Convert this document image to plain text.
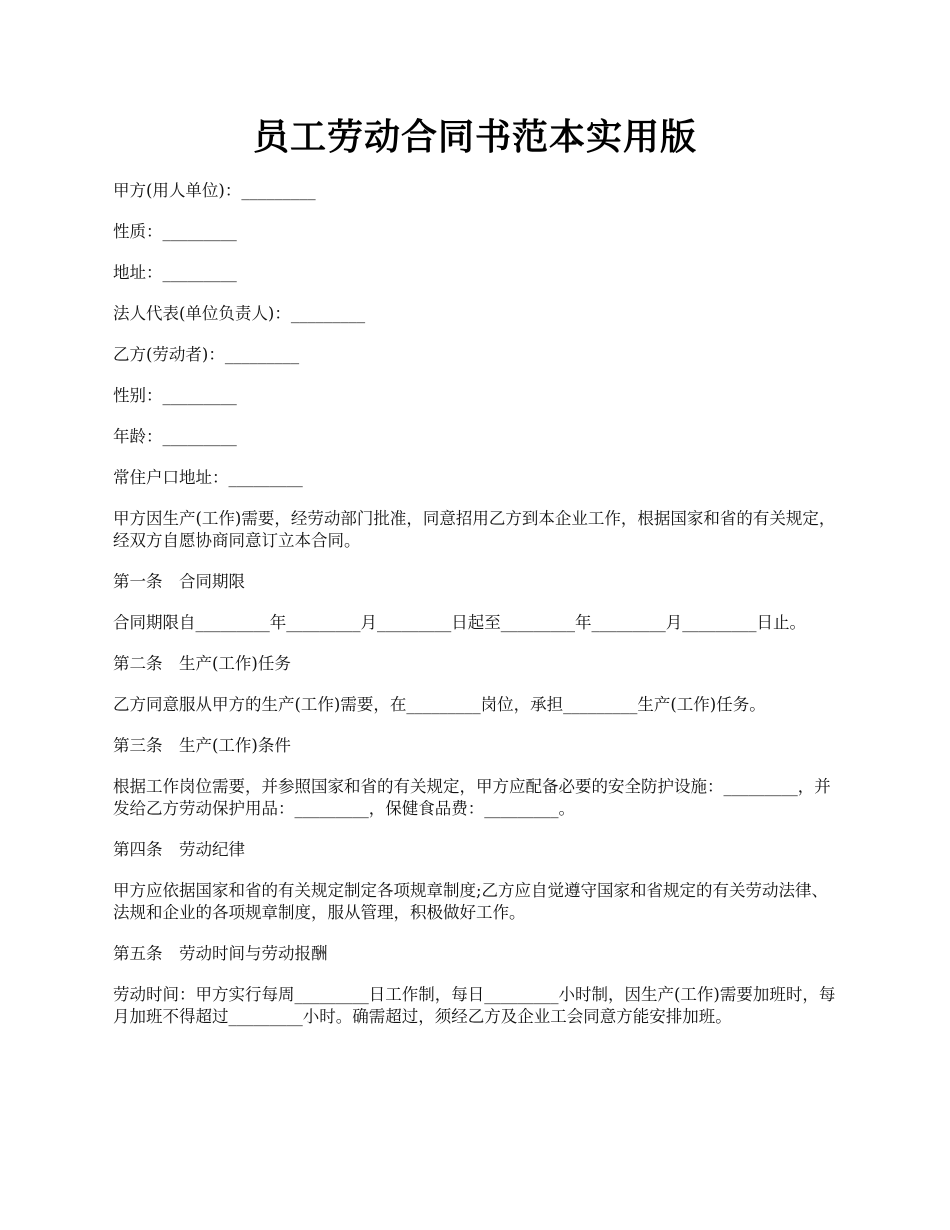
员工劳动合同书范本实用版

甲方(用人单位)：_________

性质：_________

地址：_________

法人代表(单位负责人)：_________

乙方(劳动者)：_________

性别：_________

年龄：_________

常住户口地址：_________

甲方因生产(工作)需要，经劳动部门批准，同意招用乙方到本企业工作，根据国家和省的有关规定，经双方自愿协商同意订立本合同。

第一条　合同期限

合同期限自_________年_________月_________日起至_________年_________月_________日止。

第二条　生产(工作)任务

乙方同意服从甲方的生产(工作)需要，在_________岗位，承担_________生产(工作)任务。

第三条　生产(工作)条件

根据工作岗位需要，并参照国家和省的有关规定，甲方应配备必要的安全防护设施：_________，并发给乙方劳动保护用品：_________，保健食品费：_________。

第四条　劳动纪律

甲方应依据国家和省的有关规定制定各项规章制度;乙方应自觉遵守国家和省规定的有关劳动法律、法规和企业的各项规章制度，服从管理，积极做好工作。

第五条　劳动时间与劳动报酬

劳动时间：甲方实行每周_________日工作制，每日_________小时制，因生产(工作)需要加班时，每月加班不得超过_________小时。确需超过，须经乙方及企业工会同意方能安排加班。
